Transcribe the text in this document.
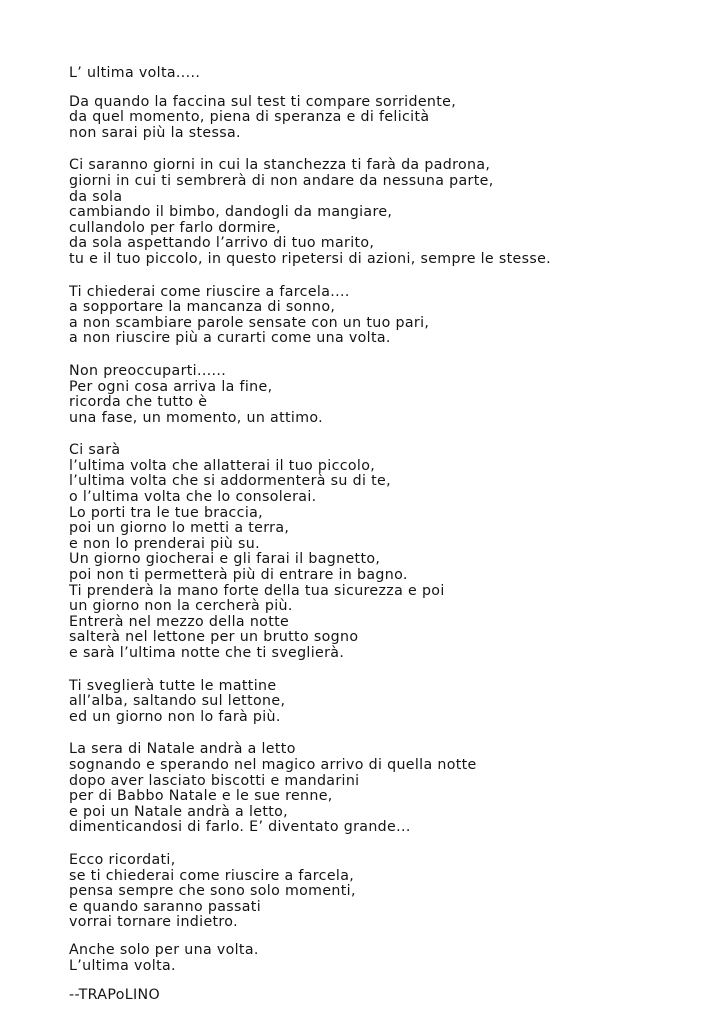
L’ ultima volta.....
Da quando la faccina sul test ti compare sorridente,
da quel momento, piena di speranza e di felicità
non sarai più la stessa.
Ci saranno giorni in cui la stanchezza ti farà da padrona,
giorni in cui ti sembrerà di non andare da nessuna parte,
da sola
cambiando il bimbo, dandogli da mangiare,
cullandolo per farlo dormire,
da sola aspettando l’arrivo di tuo marito,
tu e il tuo piccolo, in questo ripetersi di azioni, sempre le stesse.
Ti chiederai come riuscire a farcela....
a sopportare la mancanza di sonno,
a non scambiare parole sensate con un tuo pari,
a non riuscire più a curarti come una volta.
Non preoccuparti......
Per ogni cosa arriva la fine,
ricorda che tutto è
una fase, un momento, un attimo.
Ci sarà
l’ultima volta che allatterai il tuo piccolo,
l’ultima volta che si addormenterà su di te,
o l’ultima volta che lo consolerai.
Lo porti tra le tue braccia,
poi un giorno lo metti a terra,
e non lo prenderai più su.
Un giorno giocherai e gli farai il bagnetto,
poi non ti permetterà più di entrare in bagno.
Ti prenderà la mano forte della tua sicurezza e poi
un giorno non la cercherà più.
Entrerà nel mezzo della notte
salterà nel lettone per un brutto sogno
e sarà l’ultima notte che ti sveglierà.
Ti sveglierà tutte le mattine
all’alba, saltando sul lettone,
ed un giorno non lo farà più.
La sera di Natale andrà a letto
sognando e sperando nel magico arrivo di quella notte
dopo aver lasciato biscotti e mandarini
per di Babbo Natale e le sue renne,
e poi un Natale andrà a letto,
dimenticandosi di farlo. E’ diventato grande...
Ecco ricordati,
se ti chiederai come riuscire a farcela,
pensa sempre che sono solo momenti,
e quando saranno passati
vorrai tornare indietro.
Anche solo per una volta.
L’ultima volta.
--TRAPoLINO
